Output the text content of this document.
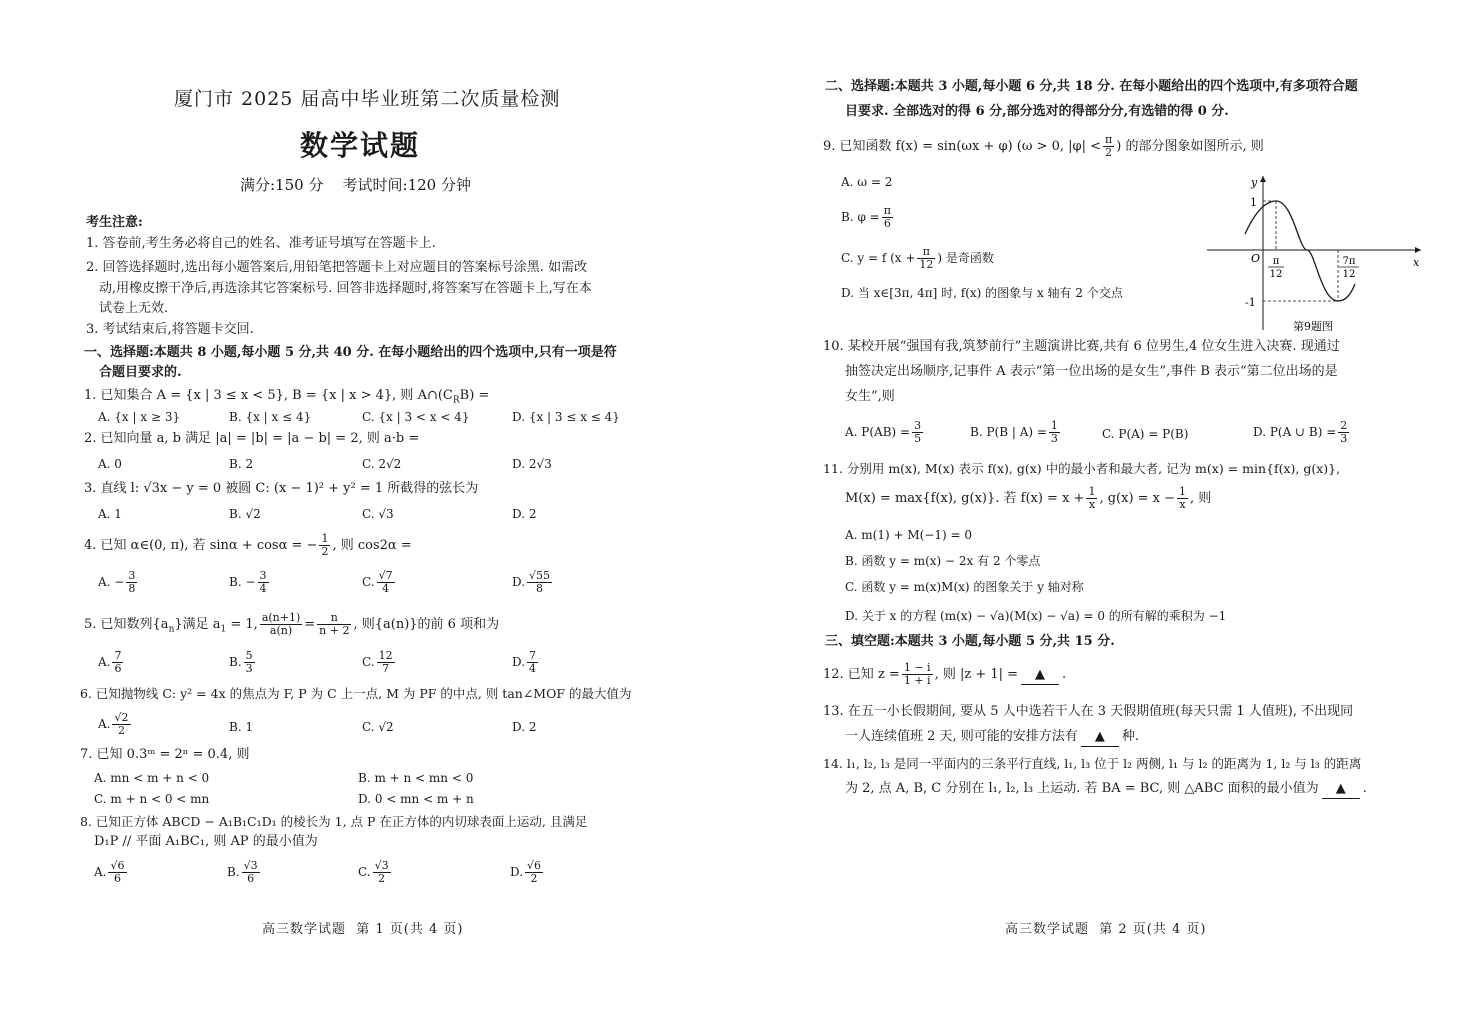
厦门市 2025 届高中毕业班第二次质量检测
数学试题
满分:150 分    考试时间:120 分钟
考生注意:
1. 答卷前,考生务必将自己的姓名、准考证号填写在答题卡上.
2. 回答选择题时,选出每小题答案后,用铅笔把答题卡上对应题目的答案标号涂黑. 如需改
动,用橡皮擦干净后,再选涂其它答案标号. 回答非选择题时,将答案写在答题卡上,写在本
试卷上无效.
3. 考试结束后,将答题卡交回.
一、选择题:本题共 8 小题,每小题 5 分,共 40 分. 在每小题给出的四个选项中,只有一项是符
合题目要求的.
1. 已知集合 A = {x | 3 ≤ x < 5}, B = {x | x > 4}, 则 $A\cap(C_RB)$ =
A. {x | x ≥ 3}	B. {x | x ≤ 4}	C. {x | 3 < x < 4}	D. {x | 3 ≤ x ≤ 4}
2. 已知向量 a, b 满足 |a| = |b| = |a − b| = 2, 则 a·b =
A. 0	B. 2	C. 2√2	D. 2√3
3. 直线 l: √3x − y = 0 被圆 C: (x − 1)² + y² = 1 所截得的弦长为
A. 1	B. √2	C. √3	D. 2
4. 已知 α∈(0, π), 若 sinα + cosα = − $\frac{1}{2}$ , 则 cos2α =
A. − $\frac{3}{8}$	B. − $\frac{3}{4}$	C. $\frac{√7}{4}$	D. $\frac{√55}{8}$
5. 已知数列$\{a_n\}$满足 $a_1 = 1$, $\frac{a(n+1)}{a(n)} = \frac{n}{n + 2}$ , 则{a(n)}的前 6 项和为
A. $\frac{7}{6}$	B. $\frac{5}{3}$	C. $\frac{12}{7}$	D. $\frac{7}{4}$
6. 已知抛物线 C: y² = 4x 的焦点为 F, P 为 C 上一点, M 为 PF 的中点, 则 tan∠MOF 的最大值为
A. $\frac{√2}{2}$	B. 1	C. √2	D. 2
7. 已知 0.3ᵐ = 2ⁿ = 0.4, 则
A. mn < m + n < 0	B. m + n < mn < 0
C. m + n < 0 < mn	D. 0 < mn < m + n
8. 已知正方体 ABCD − A₁B₁C₁D₁ 的棱长为 1, 点 P 在正方体的内切球表面上运动, 且满足
D₁P // 平面 A₁BC₁, 则 AP 的最小值为
A. $\frac{√6}{6}$	B. $\frac{√3}{6}$	C. $\frac{√3}{2}$	D. $\frac{√6}{2}$
高三数学试题  第 1 页(共 4 页)
二、选择题:本题共 3 小题,每小题 6 分,共 18 分. 在每小题给出的四个选项中,有多项符合题
目要求. 全部选对的得 6 分,部分选对的得部分分,有选错的得 0 分.
9. 已知函数 f(x) = sin(ωx + φ) (ω > 0, $|\varphi| < \frac{\pi}{2}$ ) 的部分图象如图所示, 则
A. ω = 2
B. $\varphi = \frac{\pi}{6}$
C. y = f ($x + \frac{\pi}{12}$ ) 是奇函数
D. 当 x∈[3π, 4π] 时, f(x) 的图象与 x 轴有 2 个交点
y
x
O
1
-1
π
12
7π
12
第9题图
10. 某校开展“强国有我,筑梦前行”主题演讲比赛,共有 6 位男生,4 位女生进入决赛. 现通过
抽签决定出场顺序,记事件 A 表示“第一位出场的是女生”,事件 B 表示“第二位出场的是
女生”,则
A. $P(AB) = \frac{3}{5}$	B. P(B | $A) = \frac{1}{3}$	C. P(A) = P(B)	D. P(A ∪ $B) = \frac{2}{3}$
11. 分别用 m(x), M(x) 表示 f(x), g(x) 中的最小者和最大者, 记为 m(x) = min{f(x), g(x)},
M(x) = max{f(x), g(x)}. 若 $f(x) = x + \frac{1}{x}$ , $g(x) = x - \frac{1}{x}$ , 则
A. m(1) + M(−1) = 0
B. 函数 y = m(x) − 2x 有 2 个零点
C. 函数 y = m(x)M(x) 的图象关于 y 轴对称
D. 关于 x 的方程 (m(x) − √a)(M(x) − √a) = 0 的所有解的乘积为 −1
三、填空题:本题共 3 小题,每小题 5 分,共 15 分.
12. 已知 $z = \frac{1 - i}{1 + i}$ , 则 |z + 1| = ▲ .
13. 在五一小长假期间, 要从 5 人中选若干人在 3 天假期值班(每天只需 1 人值班), 不出现同
一人连续值班 2 天, 则可能的安排方法有 ▲ 种.
14. l₁, l₂, l₃ 是同一平面内的三条平行直线, l₁, l₃ 位于 l₂ 两侧, l₁ 与 l₂ 的距离为 1, l₂ 与 l₃ 的距离
为 2, 点 A, B, C 分别在 l₁, l₂, l₃ 上运动. 若 BA = BC, 则 △ABC 面积的最小值为 ▲ .
高三数学试题  第 2 页(共 4 页)
